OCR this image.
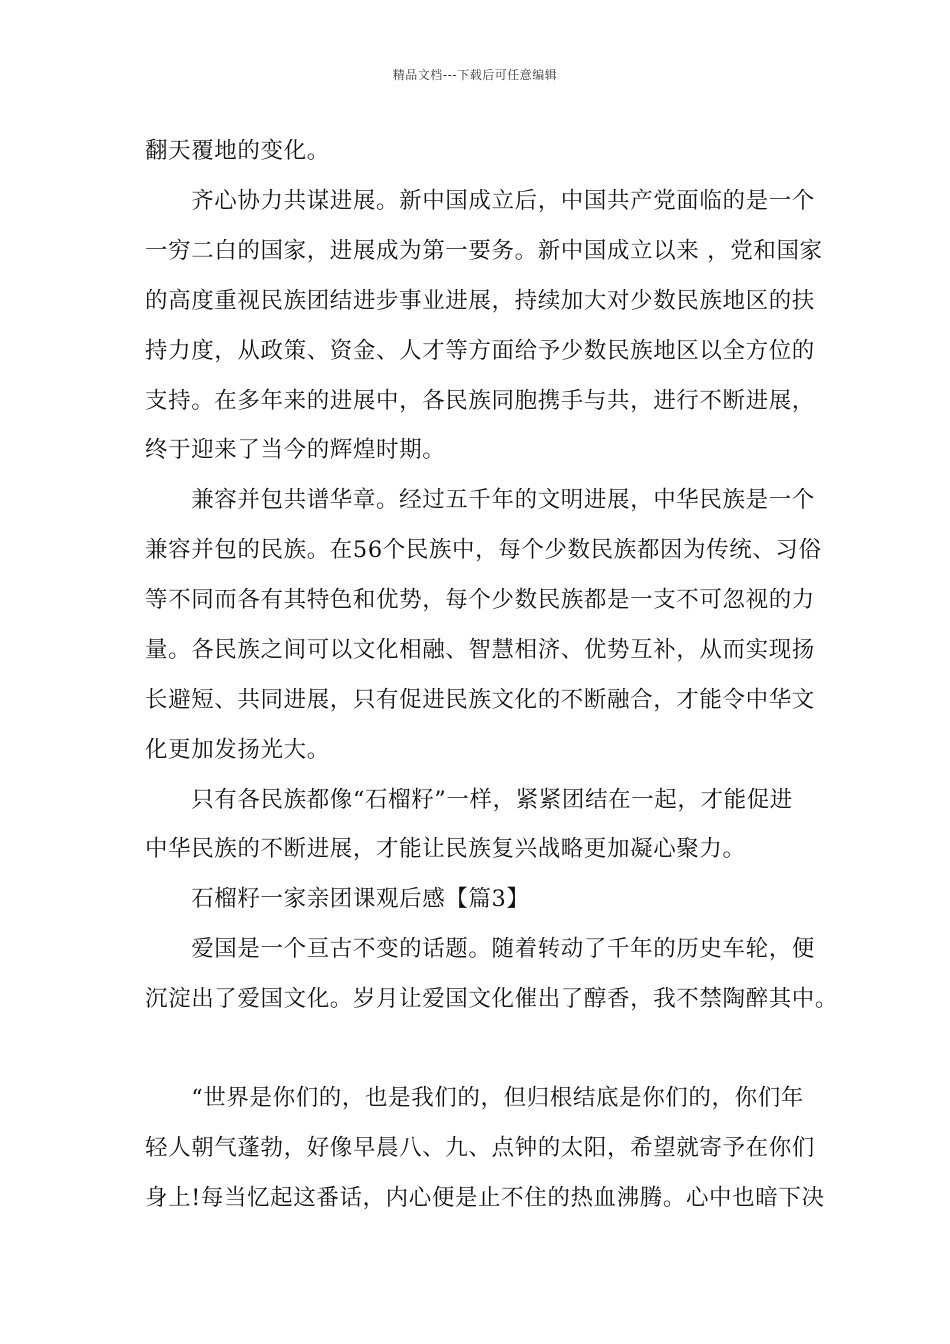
精品文档---下载后可任意编辑
翻天覆地的变化。
　　齐心协力共谋进展。新中国成立后，中国共产党面临的是一个
一穷二白的国家，进展成为第一要务。新中国成立以来 ，党和国家
的高度重视民族团结进步事业进展，持续加大对少数民族地区的扶
持力度，从政策、资金、人才等方面给予少数民族地区以全方位的
支持。在多年来的进展中，各民族同胞携手与共，进行不断进展，
终于迎来了当今的辉煌时期。
　　兼容并包共谱华章。经过五千年的文明进展，中华民族是一个
兼容并包的民族。在56个民族中，每个少数民族都因为传统、习俗
等不同而各有其特色和优势，每个少数民族都是一支不可忽视的力
量。各民族之间可以文化相融、智慧相济、优势互补，从而实现扬
长避短、共同进展，只有促进民族文化的不断融合，才能令中华文
化更加发扬光大。
　　只有各民族都像“石榴籽”一样，紧紧团结在一起，才能促进
中华民族的不断进展，才能让民族复兴战略更加凝心聚力。
　　石榴籽一家亲团课观后感【篇3】
　　爱国是一个亘古不变的话题。随着转动了千年的历史车轮，便
沉淀出了爱国文化。岁月让爱国文化催出了醇香，我不禁陶醉其中。
　　“世界是你们的，也是我们的，但归根结底是你们的，你们年
轻人朝气蓬勃，好像早晨八、九、点钟的太阳，希望就寄予在你们
身上!每当忆起这番话，内心便是止不住的热血沸腾。心中也暗下决
